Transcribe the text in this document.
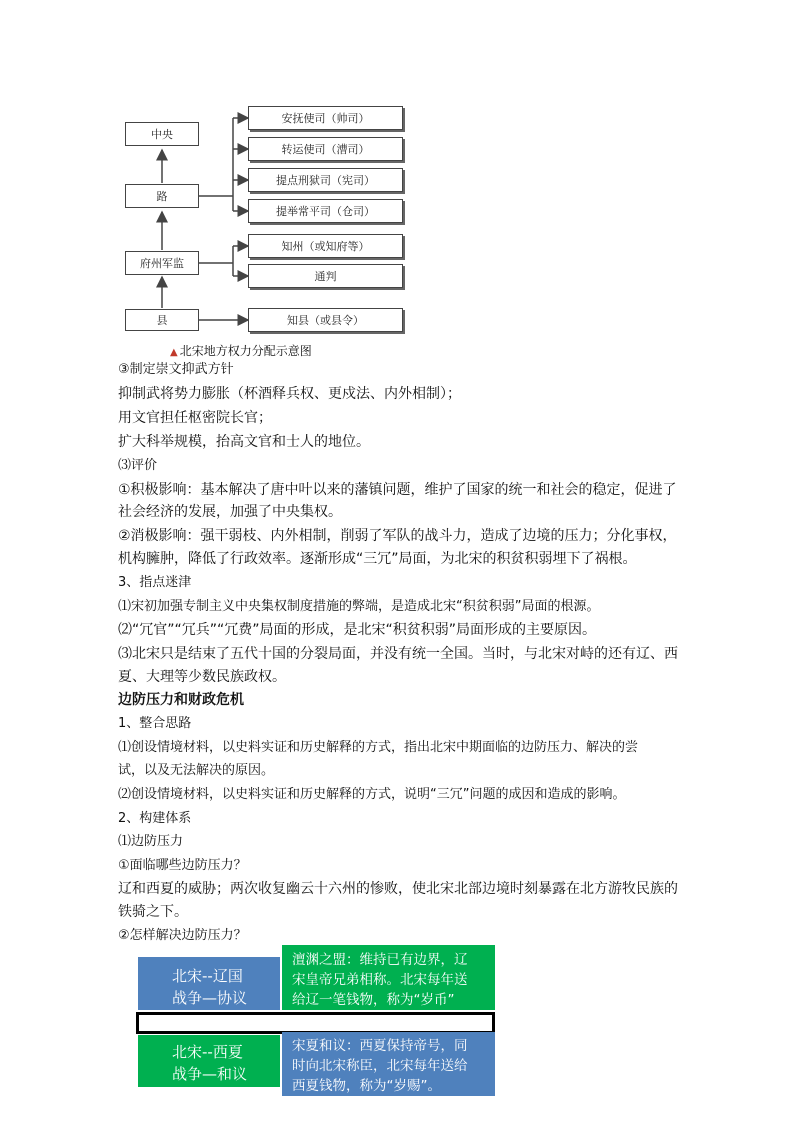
中央
路
府州军监
县
安抚使司（帅司）
转运使司（漕司）
提点刑狱司（宪司）
提举常平司（仓司）
知州（或知府等）
通判
知县（或县令）
▲ 北宋地方权力分配示意图
③制定崇文抑武方针
抑制武将势力膨胀（杯酒释兵权、更戍法、内外相制）；
用文官担任枢密院长官；
扩大科举规模，抬高文官和士人的地位。
⑶评价
①积极影响：基本解决了唐中叶以来的藩镇问题，维护了国家的统一和社会的稳定，促进了
社会经济的发展，加强了中央集权。
②消极影响：强干弱枝、内外相制，削弱了军队的战斗力，造成了边境的压力；分化事权，
机构臃肿，降低了行政效率。逐渐形成“三冗”局面，为北宋的积贫积弱埋下了祸根。
3、指点迷津
⑴宋初加强专制主义中央集权制度措施的弊端，是造成北宋“积贫积弱”局面的根源。
⑵“冗官”“冗兵”“冗费”局面的形成，是北宋“积贫积弱”局面形成的主要原因。
⑶北宋只是结束了五代十国的分裂局面，并没有统一全国。当时，与北宋对峙的还有辽、西
夏、大理等少数民族政权。
边防压力和财政危机
1、整合思路
⑴创设情境材料，以史料实证和历史解释的方式，指出北宋中期面临的边防压力、解决的尝
试，以及无法解决的原因。
⑵创设情境材料，以史料实证和历史解释的方式，说明“三冗”问题的成因和造成的影响。
2、构建体系
⑴边防压力
①面临哪些边防压力？
辽和西夏的威胁；两次收复幽云十六州的惨败，使北宋北部边境时刻暴露在北方游牧民族的
铁骑之下。
②怎样解决边防压力？
北宋--辽国
战争—协议
澶渊之盟：维持已有边界，辽
宋皇帝兄弟相称。北宋每年送
给辽一笔钱物，称为“岁币”
北宋--西夏
战争—和议
宋夏和议：西夏保持帝号，同
时向北宋称臣，北宋每年送给
西夏钱物，称为“岁赐”。
